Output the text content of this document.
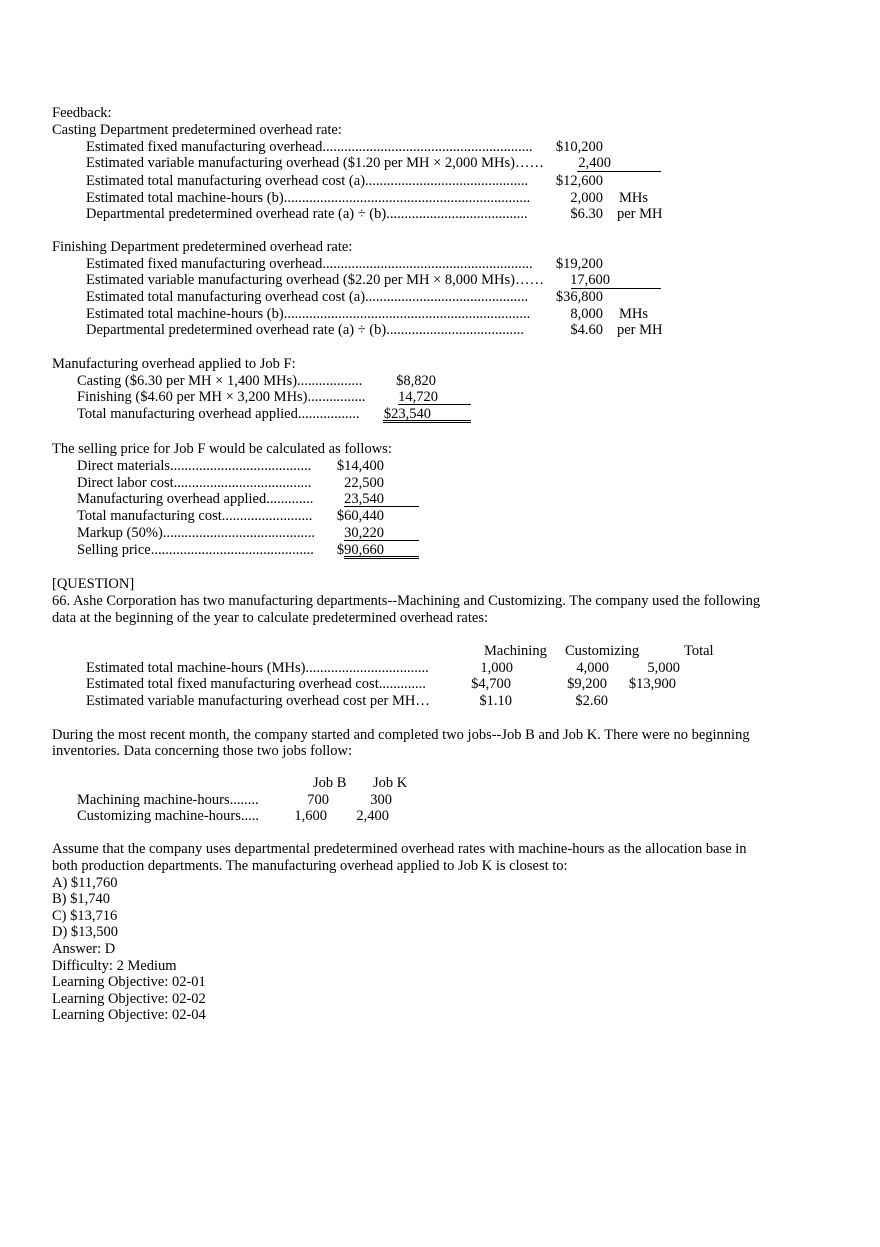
Feedback:
Casting Department predetermined overhead rate:
Estimated fixed manufacturing overhead..........................................................	$10,200
Estimated variable manufacturing overhead ($1.20 per MH × 2,000 MHs)……	2,400
Estimated total manufacturing overhead cost (a).............................................	$12,600
Estimated total machine-hours (b)....................................................................	2,000 MHs
Departmental predetermined overhead rate (a) ÷ (b).......................................	$6.30 per MH
Finishing Department predetermined overhead rate:
Estimated fixed manufacturing overhead..........................................................	$19,200
Estimated variable manufacturing overhead ($2.20 per MH × 8,000 MHs)……	17,600
Estimated total manufacturing overhead cost (a).............................................	$36,800
Estimated total machine-hours (b)....................................................................	8,000 MHs
Departmental predetermined overhead rate (a) ÷ (b)......................................	$4.60 per MH
Manufacturing overhead applied to Job F:
Casting ($6.30 per MH × 1,400 MHs)..................	$8,820
Finishing ($4.60 per MH × 3,200 MHs)................	14,720
Total manufacturing overhead applied.................	$23,540
The selling price for Job F would be calculated as follows:
Direct materials.......................................	$14,400
Direct labor cost......................................	22,500
Manufacturing overhead applied.............	23,540
Total manufacturing cost.........................	$60,440
Markup (50%)..........................................	30,220
Selling price.............................................	$90,660
[QUESTION]
66. Ashe Corporation has two manufacturing departments--Machining and Customizing. The company used the following
data at the beginning of the year to calculate predetermined overhead rates:
Machining Customizing	Total
Estimated total machine-hours (MHs)..................................	1,000	4,000	5,000
Estimated total fixed manufacturing overhead cost.............	$4,700	$9,200	$13,900
Estimated variable manufacturing overhead cost per MH…	$1.10	$2.60
During the most recent month, the company started and completed two jobs--Job B and Job K. There were no beginning
inventories. Data concerning those two jobs follow:
Job B Job K
Machining machine-hours........	700	300
Customizing machine-hours.....	1,600	2,400
Assume that the company uses departmental predetermined overhead rates with machine-hours as the allocation base in
both production departments. The manufacturing overhead applied to Job K is closest to:
A) $11,760
B) $1,740
C) $13,716
D) $13,500
Answer: D
Difficulty: 2 Medium
Learning Objective: 02-01
Learning Objective: 02-02
Learning Objective: 02-04
